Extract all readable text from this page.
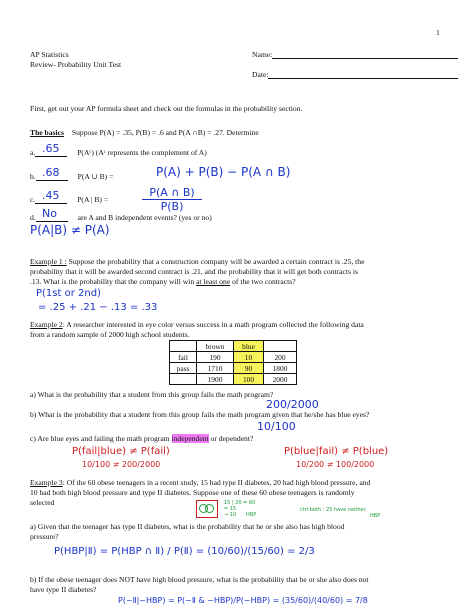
1
AP Statistics
Review- Probability Unit Test
Name:
Date:
First, get out your AP formula sheet and check out the formulas in the probability section.
The basics Suppose P(A) = .35, P(B) = .6 and P(A ∩B) = .27. Determine
a.	P(Aᶜ) (Aᶜ represents the complement of A)
.65
b.	P(A ∪ B) =
.68	P(A) + P(B) − P(A ∩ B)
c.	P(A | B) =
.45	P(A ∩ B)
P(B)
d.	are A and B independent events? (yes or no)
No
P(A|B) ≠ P(A)
Example 1 : Suppose the probability that a construction company will be awarded a certain contract is .25, the
probability that it will be awarded second contract is .21, and the probability that it will get both contracts is
.13. What is the probability that the company will win at least one of the two contracts?
P(1st or 2nd)
= .25 + .21 − .13 = .33
Example 2: A researcher interested in eye color versus success in a math program collected the following data
from a random sample of 2000 high school students.
	brown	blue	
fail	190	10	200
pass	1710	90	1800
	1900	100	2000
a) What is the probability that a student from this group fails the math program?
200/2000
b) What is the probability that a student from this group fails the math program given that he/she has blue eyes?
10/100
c) Are blue eyes and failing the math program independent or dependent?
P(fail|blue) ≠ P(fail)
10/100 ≠ 200/2000
P(blue|fail) ≠ P(blue)
10/200 ≠ 100/2000
Example 3: Of the 60 obese teenagers in a recent study, 15 had type II diabetes, 20 had high blood pressure, and
10 had both high blood pressure and type II diabetes. Suppose one of these 60 obese teenagers is randomly
selected	15 | 20 = 60
= 15
→ 10 HBP
ctrl both : 25 have neither
HBP
a) Given that the teenager has type II diabetes, what is the probability that he or she also has high blood
pressure?
P(HBP|Ⅱ) = P(HBP ∩ Ⅱ) / P(Ⅱ) = (10/60)/(15/60) = 2/3
b) If the obese teenager does NOT have high blood pressure, what is the probability that he or she also does not
have type II diabetes?
P(~Ⅱ|~HBP) = P(~Ⅱ & ~HBP)/P(~HBP) = (35/60)/(40/60) = 7/8
